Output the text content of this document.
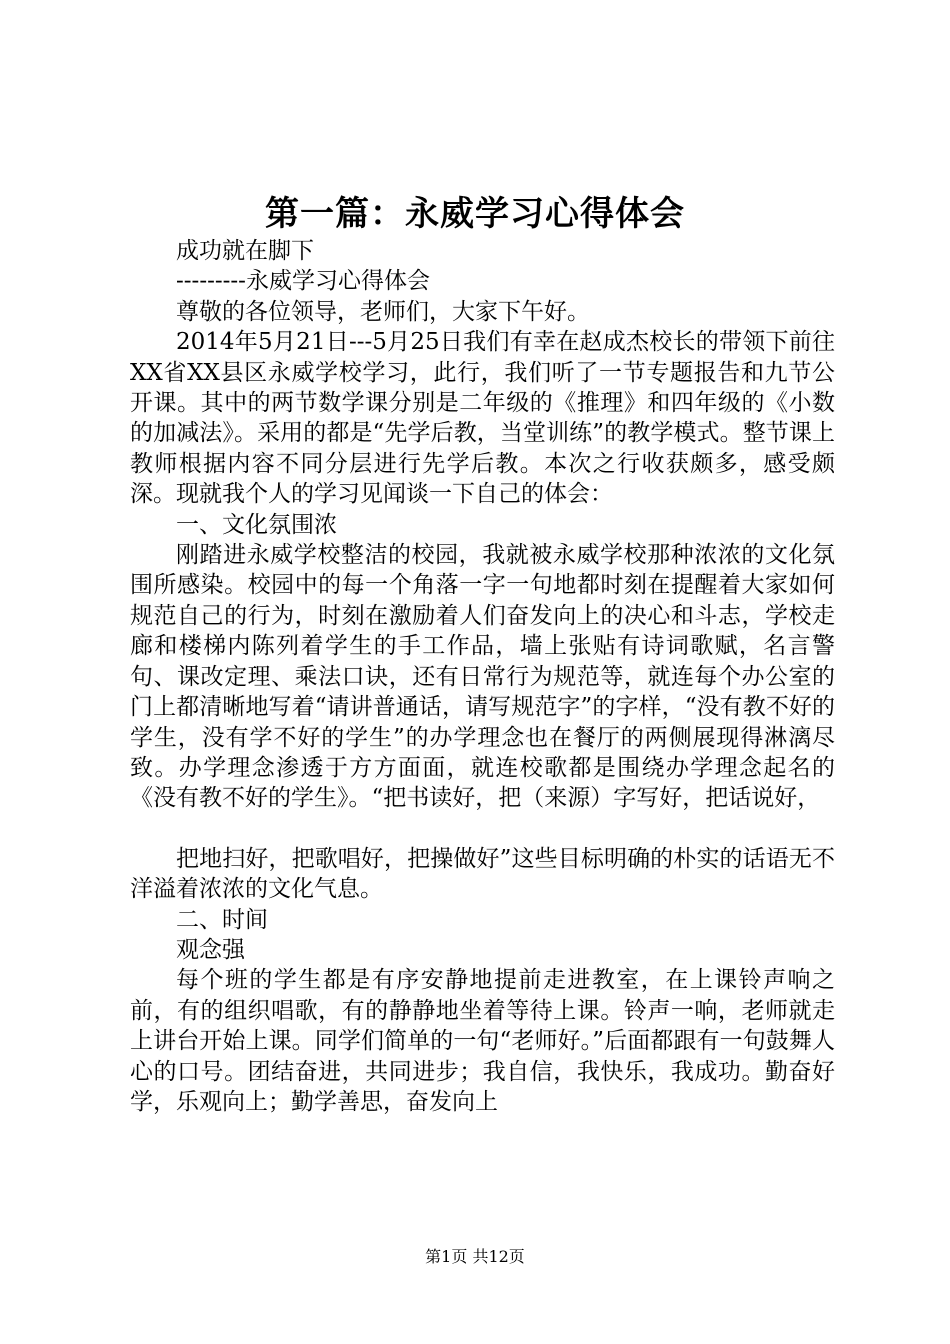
第一篇：永威学习心得体会

成功就在脚下

---------永威学习心得体会

尊敬的各位领导，老师们，大家下午好。

2014年5月21日---5月25日我们有幸在赵成杰校长的带领下前往XX省XX县区永威学校学习，此行，我们听了一节专题报告和九节公开课。其中的两节数学课分别是二年级的《推理》和四年级的《小数的加减法》。采用的都是“先学后教，当堂训练”的教学模式。整节课上教师根据内容不同分层进行先学后教。本次之行收获颇多，感受颇深。现就我个人的学习见闻谈一下自己的体会：

一、文化氛围浓

刚踏进永威学校整洁的校园，我就被永威学校那种浓浓的文化氛围所感染。校园中的每一个角落一字一句地都时刻在提醒着大家如何规范自己的行为，时刻在激励着人们奋发向上的决心和斗志，学校走廊和楼梯内陈列着学生的手工作品，墙上张贴有诗词歌赋，名言警句、课改定理、乘法口诀，还有日常行为规范等，就连每个办公室的门上都清晰地写着“请讲普通话，请写规范字”的字样，“没有教不好的学生，没有学不好的学生”的办学理念也在餐厅的两侧展现得淋漓尽致。办学理念渗透于方方面面，就连校歌都是围绕办学理念起名的《没有教不好的学生》。“把书读好，把（来源）字写好，把话说好，

把地扫好，把歌唱好，把操做好”这些目标明确的朴实的话语无不洋溢着浓浓的文化气息。

二、时间

观念强

每个班的学生都是有序安静地提前走进教室，在上课铃声响之前，有的组织唱歌，有的静静地坐着等待上课。铃声一响，老师就走上讲台开始上课。同学们简单的一句“老师好。”后面都跟有一句鼓舞人心的口号。团结奋进，共同进步；我自信，我快乐，我成功。勤奋好学，乐观向上；勤学善思，奋发向上

第1页 共12页
